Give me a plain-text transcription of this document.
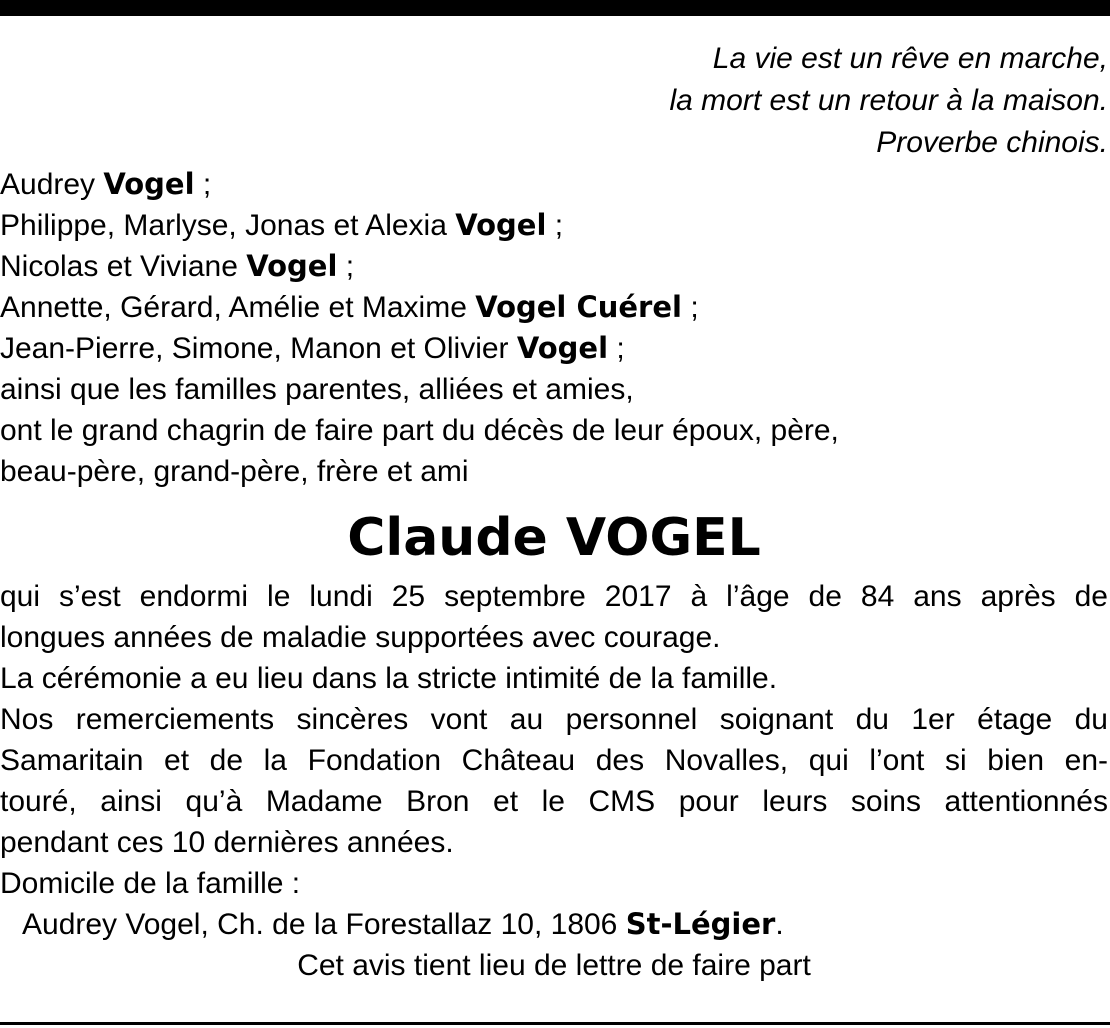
La vie est un rêve en marche,
la mort est un retour à la maison.
Proverbe chinois.
Audrey Vogel ;
Philippe, Marlyse, Jonas et Alexia Vogel ;
Nicolas et Viviane Vogel ;
Annette, Gérard, Amélie et Maxime Vogel Cuérel ;
Jean-Pierre, Simone, Manon et Olivier Vogel ;
ainsi que les familles parentes, alliées et amies,
ont le grand chagrin de faire part du décès de leur époux, père,
beau-père, grand-père, frère et ami
Claude VOGEL
qui s’est endormi le lundi 25 septembre 2017 à l’âge de 84 ans après de
longues années de maladie supportées avec courage.
La cérémonie a eu lieu dans la stricte intimité de la famille.
Nos remerciements sincères vont au personnel soignant du 1er étage du
Samaritain et de la Fondation Château des Novalles, qui l’ont si bien en-
touré, ainsi qu’à Madame Bron et le CMS pour leurs soins attentionnés
pendant ces 10 dernières années.
Domicile de la famille :
Audrey Vogel, Ch. de la Forestallaz 10, 1806 St-Légier.
Cet avis tient lieu de lettre de faire part
